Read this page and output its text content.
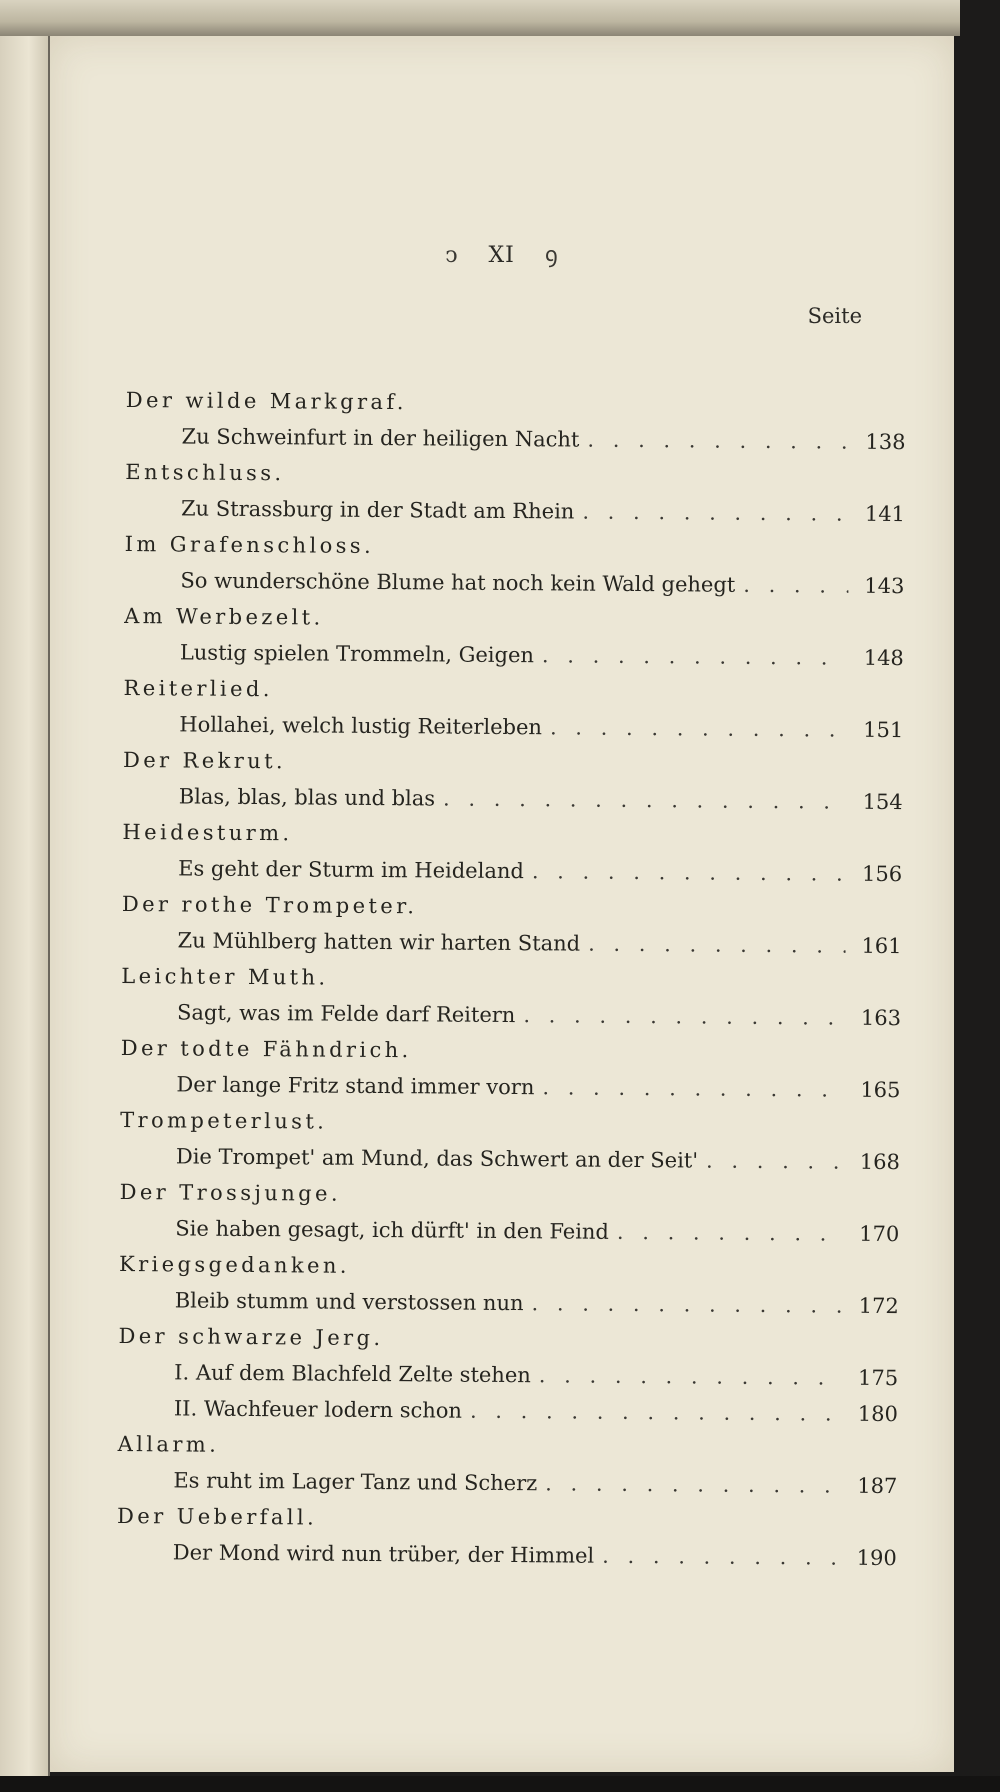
ↄ XI ꝯ
Seite
Der wilde Markgraf.
Zu Schweinfurt in der heiligen Nacht . . .	138
Entschluss.
Zu Strassburg in der Stadt am Rhein . . .	141
Im Grafenschloss.
So wunderschöne Blume hat noch kein Wald gehegt . . .	143
Am Werbezelt.
Lustig spielen Trommeln, Geigen . . .	148
Reiterlied.
Hollahei, welch lustig Reiterleben . . .	151
Der Rekrut.
Blas, blas, blas und blas . . .	154
Heidesturm.
Es geht der Sturm im Heideland . . .	156
Der rothe Trompeter.
Zu Mühlberg hatten wir harten Stand . . .	161
Leichter Muth.
Sagt, was im Felde darf Reitern . . .	163
Der todte Fähndrich.
Der lange Fritz stand immer vorn . . .	165
Trompeterlust.
Die Trompet' am Mund, das Schwert an der Seit' . . .	168
Der Trossjunge.
Sie haben gesagt, ich dürft' in den Feind . . .	170
Kriegsgedanken.
Bleib stumm und verstossen nun . . .	172
Der schwarze Jerg.
I. Auf dem Blachfeld Zelte stehen . . .	175
II. Wachfeuer lodern schon . . .	180
Allarm.
Es ruht im Lager Tanz und Scherz . . .	187
Der Ueberfall.
Der Mond wird nun trüber, der Himmel . . .	190
